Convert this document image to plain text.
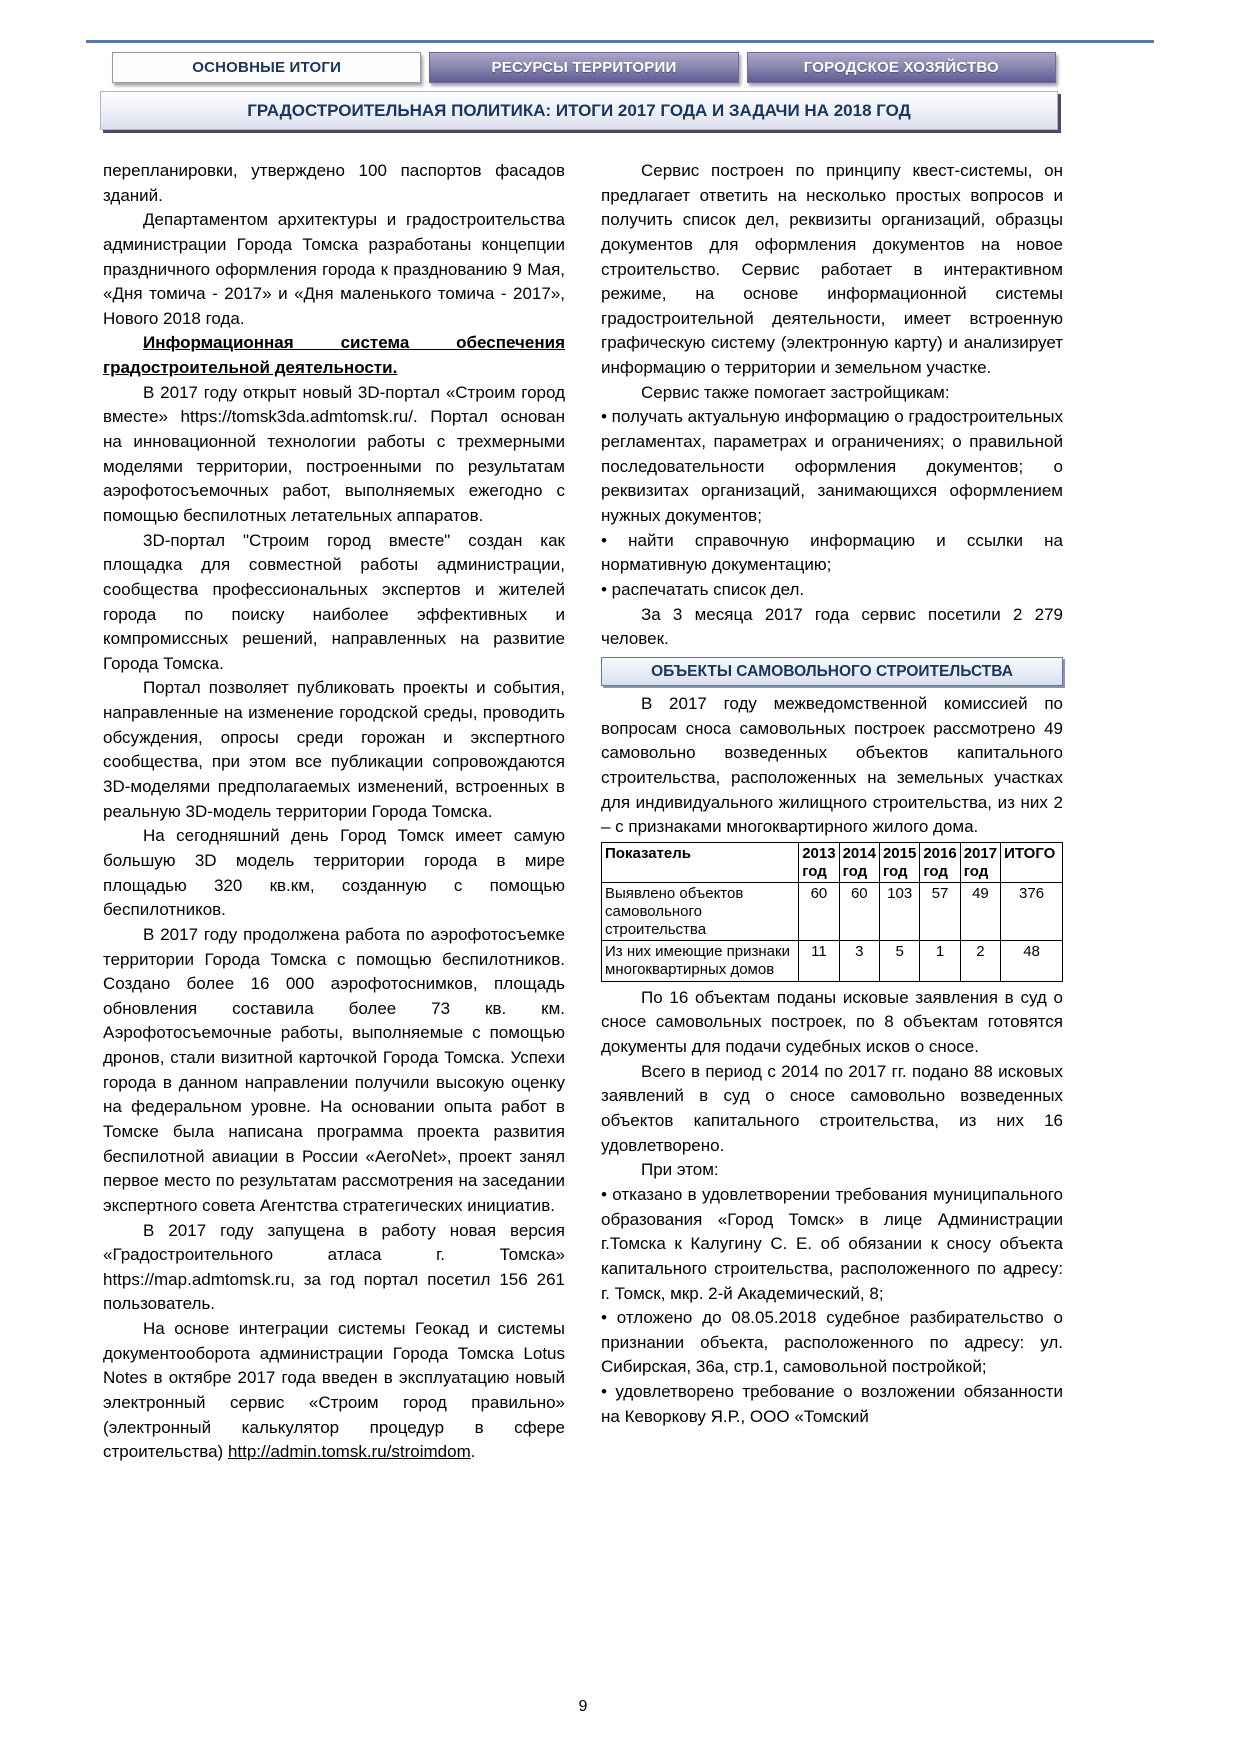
ОСНОВНЫЕ ИТОГИ	РЕСУРСЫ ТЕРРИТОРИИ	ГОРОДСКОЕ ХОЗЯЙСТВО
ГРАДОСТРОИТЕЛЬНАЯ ПОЛИТИКА: ИТОГИ 2017 ГОДА И ЗАДАЧИ НА 2018 ГОД

перепланировки, утверждено 100 паспортов фасадов зданий.

Департаментом архитектуры и градостроительства администрации Города Томска разработаны концепции праздничного оформления города к празднованию 9 Мая, «Дня томича - 2017» и «Дня маленького томича - 2017», Нового 2018 года.

Информационная система обеспечения градостроительной деятельности.

В 2017 году открыт новый 3D-портал «Строим город вместе» https://tomsk3da.admtomsk.ru/. Портал основан на инновационной технологии работы с трехмерными моделями территории, построенными по результатам аэрофотосъемочных работ, выполняемых ежегодно с помощью беспилотных летательных аппаратов.

3D-портал "Строим город вместе" создан как площадка для совместной работы администрации, сообщества профессиональных экспертов и жителей города по поиску наиболее эффективных и компромиссных решений, направленных на развитие Города Томска.

Портал позволяет публиковать проекты и события, направленные на изменение городской среды, проводить обсуждения, опросы среди горожан и экспертного сообщества, при этом все публикации сопровождаются 3D-моделями предполагаемых изменений, встроенных в реальную 3D-модель территории Города Томска.

На сегодняшний день Город Томск имеет самую большую 3D модель территории города в мире площадью 320 кв.км, созданную с помощью беспилотников.

В 2017 году продолжена работа по аэрофотосъемке территории Города Томска с помощью беспилотников. Создано более 16 000 аэрофотоснимков, площадь обновления составила более 73 кв. км. Аэрофотосъемочные работы, выполняемые с помощью дронов, стали визитной карточкой Города Томска. Успехи города в данном направлении получили высокую оценку на федеральном уровне. На основании опыта работ в Томске была написана программа проекта развития беспилотной авиации в России «AeroNet», проект занял первое место по результатам рассмотрения на заседании экспертного совета Агентства стратегических инициатив.

В 2017 году запущена в работу новая версия «Градостроительного атласа г. Томска» https://map.admtomsk.ru, за год портал посетил 156 261 пользователь.

На основе интеграции системы Геокад и системы документооборота администрации Города Томска Lotus Notes в октябре 2017 года введен в эксплуатацию новый электронный сервис «Строим город правильно» (электронный калькулятор процедур в сфере строительства) http://admin.tomsk.ru/stroimdom.

Сервис построен по принципу квест-системы, он предлагает ответить на несколько простых вопросов и получить список дел, реквизиты организаций, образцы документов для оформления документов на новое строительство. Сервис работает в интерактивном режиме, на основе информационной системы градостроительной деятельности, имеет встроенную графическую систему (электронную карту) и анализирует информацию о территории и земельном участке.

Сервис также помогает застройщикам:

• получать актуальную информацию о градостроительных регламентах, параметрах и ограничениях; о правильной последовательности оформления документов; о реквизитах организаций, занимающихся оформлением нужных документов;

• найти справочную информацию и ссылки на нормативную документацию;

• распечатать список дел.

За 3 месяца 2017 года сервис посетили 2 279 человек.

ОБЪЕКТЫ САМОВОЛЬНОГО СТРОИТЕЛЬСТВА

В 2017 году межведомственной комиссией по вопросам сноса самовольных построек рассмотрено 49 самовольно возведенных объектов капитального строительства, расположенных на земельных участках для индивидуального жилищного строительства, из них 2 – с признаками многоквартирного жилого дома.

Показатель	2013 год	2014 год	2015 год	2016 год	2017 год	ИТОГО
Выявлено объектов самовольного строительства	60	60	103	57	49	376
Из них имеющие признаки многоквартирных домов	11	3	5	1	2	48

По 16 объектам поданы исковые заявления в суд о сносе самовольных построек, по 8 объектам готовятся документы для подачи судебных исков о сносе.

Всего в период с 2014 по 2017 гг. подано 88 исковых заявлений в суд о сносе самовольно возведенных объектов капитального строительства, из них 16 удовлетворено.

При этом:

• отказано в удовлетворении требования муниципального образования «Город Томск» в лице Администрации г.Томска к Калугину С. Е. об обязании к сносу объекта капитального строительства, расположенного по адресу: г. Томск, мкр. 2-й Академический, 8;

• отложено до 08.05.2018 судебное разбирательство о признании объекта, расположенного по адресу: ул. Сибирская, 36а, стр.1, самовольной постройкой;

• удовлетворено требование о возложении обязанности на Кеворкову Я.Р., ООО «Томский

9
